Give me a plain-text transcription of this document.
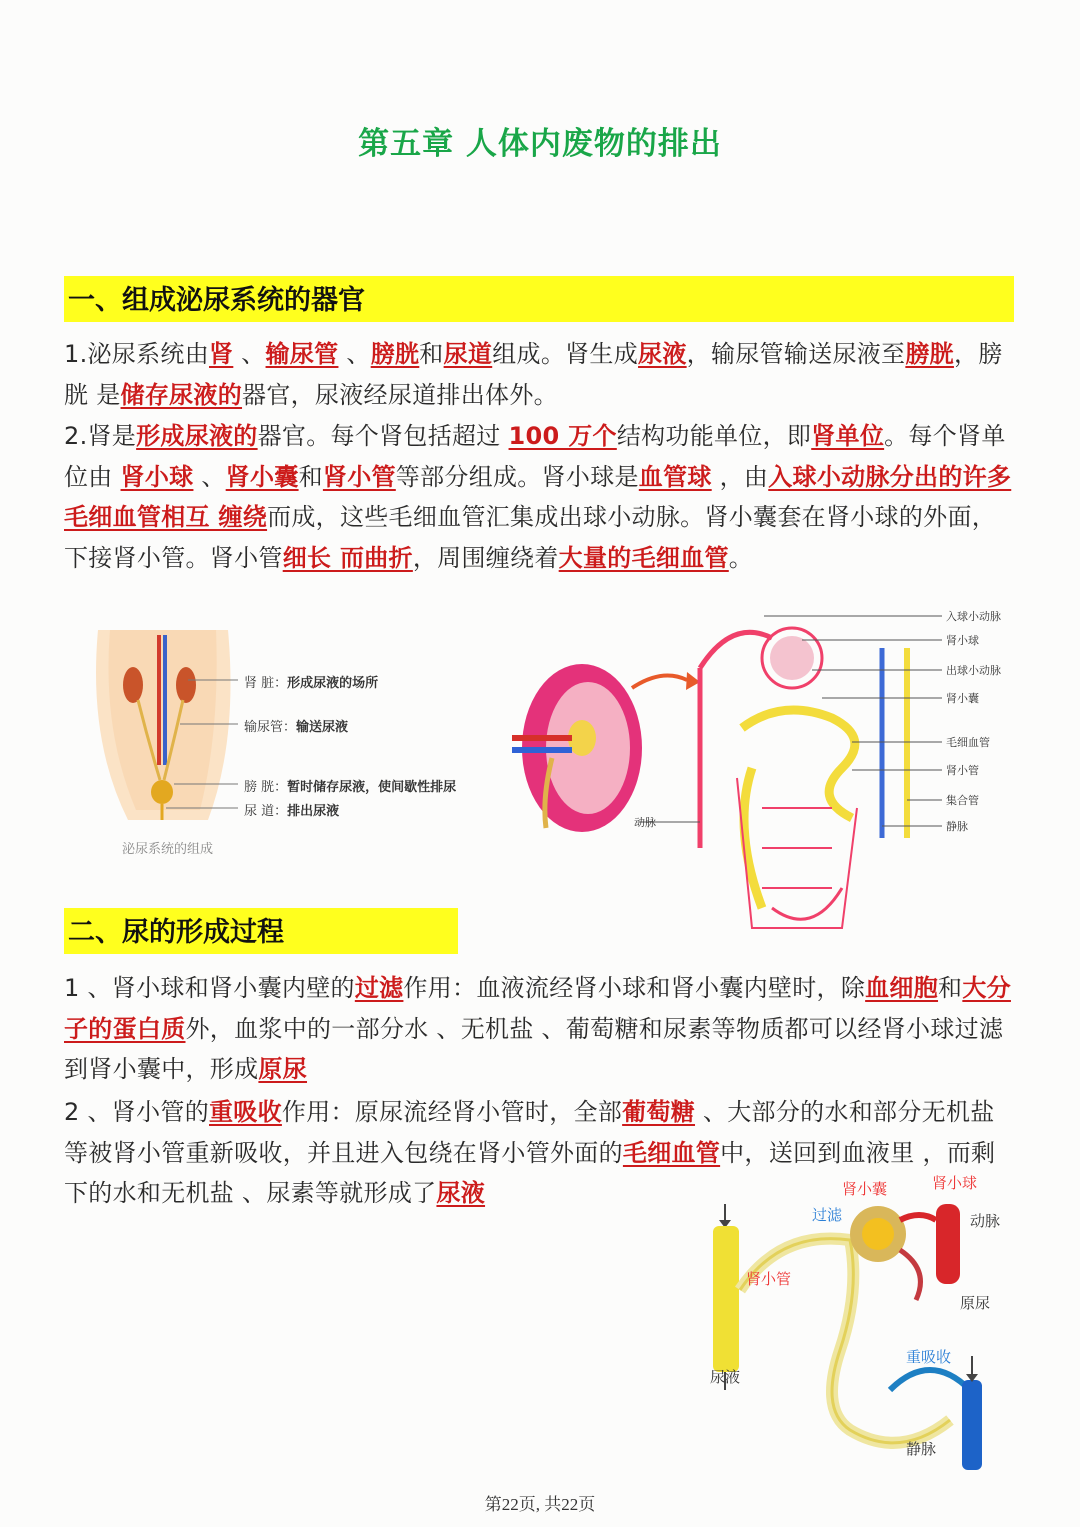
第五章 人体内废物的排出
一、组成泌尿系统的器官
1.泌尿系统由肾 、输尿管 、膀胱和尿道组成。肾生成尿液，输尿管输送尿液至膀胱，膀胱 是储存尿液的器官，尿液经尿道排出体外。
2.肾是形成尿液的器官。每个肾包括超过 100 万个结构功能单位，即肾单位。每个肾单位由 肾小球 、肾小囊和肾小管等部分组成。肾小球是血管球 ，由入球小动脉分出的许多毛细血管相互 缠绕而成，这些毛细血管汇集成出球小动脉。肾小囊套在肾小球的外面，下接肾小管。肾小管细长 而曲折，周围缠绕着大量的毛细血管。
肾 脏：形成尿液的场所
输尿管：输送尿液
膀 胱：暂时储存尿液，使间歇性排尿
尿 道：排出尿液
泌尿系统的组成
入球小动脉
肾小球
出球小动脉
肾小囊
毛细血管
肾小管
集合管
静脉
动脉
二、尿的形成过程
1 、肾小球和肾小囊内壁的过滤作用：血液流经肾小球和肾小囊内壁时，除血细胞和大分子的蛋白质外，血浆中的一部分水 、无机盐 、葡萄糖和尿素等物质都可以经肾小球过滤到肾小囊中，形成原尿
2 、肾小管的重吸收作用：原尿流经肾小管时，全部葡萄糖 、大部分的水和部分无机盐等被肾小管重新吸收，并且进入包绕在肾小管外面的毛细血管中，送回到血液里 ，而剩下的水和无机盐 、尿素等就形成了尿液	肾小囊	肾小球
过滤	动脉
肾小管
原尿
重吸收
尿液
静脉
第22页, 共22页
